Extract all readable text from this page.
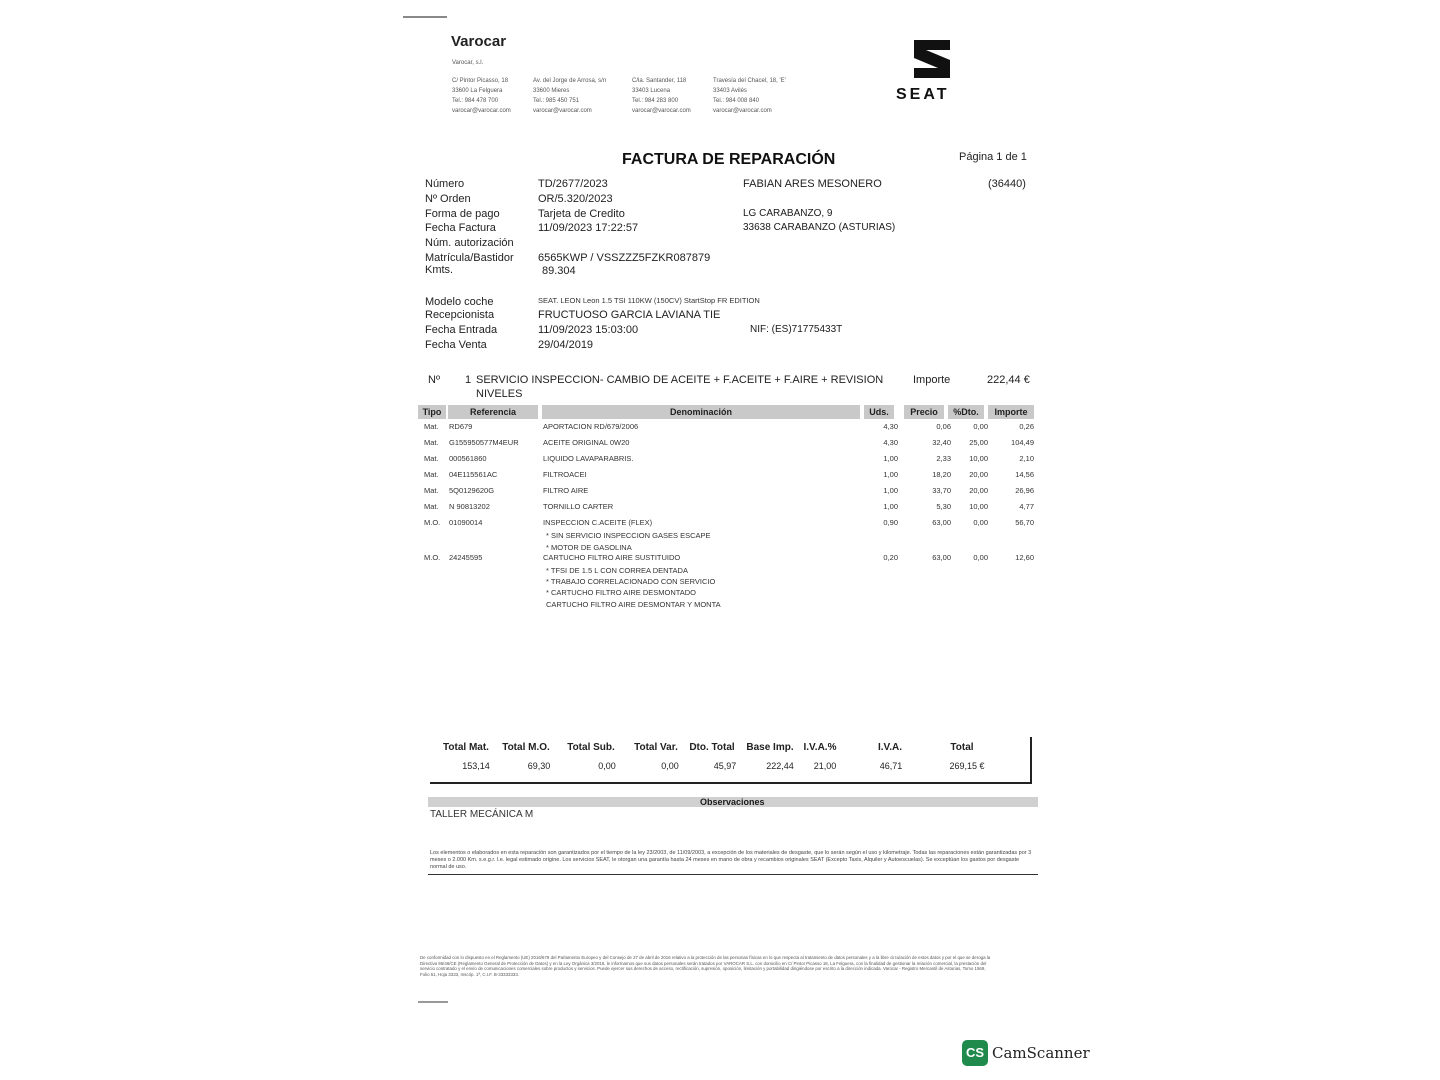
Varocar
Varocar, s.l.
C/ Pintor Picasso, 18
33600 La Felguera
Tel.: 984 478 700
varocar@varocar.com
Av. del Jorge de Arrosa, s/n
33600 Mieres
Tel.: 985 450 751
varocar@varocar.com
C/la. Santander, 118
33403 Lucena
Tel.: 984 283 800
varocar@varocar.com
Travesía del Chacel, 18, 'E'
33403 Avilés
Tel.: 984 008 840
varocar@varocar.com
SEAT
FACTURA DE REPARACIÓN	Página 1 de 1
Número	TD/2677/2023
Nº Orden	OR/5.320/2023
Forma de pago	Tarjeta de Credito
Fecha Factura	11/09/2023 17:22:57
Núm. autorización
Matrícula/Bastidor 6565KWP / VSSZZZ5FZKR087879
Kmts.	89.304
FABIAN ARES MESONERO	(36440)
LG CARABANZO, 9
33638 CARABANZO (ASTURIAS)
Modelo coche	SEAT. LEON Leon 1.5 TSI 110KW (150CV) StartStop FR EDITION
Recepcionista	FRUCTUOSO GARCIA LAVIANA TIE
Fecha Entrada	11/09/2023 15:03:00
Fecha Venta	29/04/2019
NIF: (ES)71775433T
Nº 1 SERVICIO INSPECCION- CAMBIO DE ACEITE + F.ACEITE + F.AIRE + REVISION
NIVELES
Importe	222,44 €
Tipo	Referencia	Denominación	Uds.	Precio	%Dto.	Importe
Mat. RD679	APORTACION RD/679/2006	4,30	0,06	0,00	0,26
Mat. G155950577M4EUR	ACEITE ORIGINAL 0W20	4,30	32,40	25,00	104,49
Mat. 000561860	LIQUIDO LAVAPARABRIS.	1,00	2,33	10,00	2,10
Mat. 04E115561AC	FILTROACEI	1,00	18,20	20,00	14,56
Mat. 5Q0129620G	FILTRO AIRE	1,00	33,70	20,00	26,96
Mat. N 90813202	TORNILLO CARTER	1,00	5,30	10,00	4,77
M.O. 01090014	INSPECCION C.ACEITE (FLEX)	0,90	63,00	0,00	56,70
* SIN SERVICIO INSPECCION GASES ESCAPE
* MOTOR DE GASOLINA
M.O. 24245595	CARTUCHO FILTRO AIRE SUSTITUIDO	0,20	63,00	0,00	12,60
* TFSI DE 1.5 L CON CORREA DENTADA
* TRABAJO CORRELACIONADO CON SERVICIO
* CARTUCHO FILTRO AIRE DESMONTADO
CARTUCHO FILTRO AIRE DESMONTAR Y MONTA
Total Mat.	Total M.O.	Total Sub.	Total Var.	Dto. Total	Base Imp. I.V.A.%	I.V.A.	Total
153,14	69,30	0,00	0,00	45,97	222,44	21,00	46,71	269,15 €
Observaciones
TALLER MECÁNICA M
Los elementos o elaborados en esta reparación son garantizados por el tiempo de la ley 23/2003, de 11/09/2003, a excepción de los materiales de desgaste, que lo serán según el uso y kilometraje. Todas las reparaciones están garantizadas por 3 meses o 2.000 Km. s.e.g.r. l.e. legal estimado origine. Los servicios SEAT, le otorgan una garantía hasta 24 meses en mano de obra y recambios originales SEAT (Excepto Taxis, Alquiler y Autoescuelas). Se exceptúan los gastos por desgaste normal de uso.
De conformidad con lo dispuesto en el Reglamento (UE) 2016/679 del Parlamento Europeo y del Consejo de 27 de abril de 2016 relativo a la protección de las personas físicas en lo que respecta al tratamiento de datos personales y a la libre circulación de estos datos y por el que se deroga la Directiva 95/46/CE (Reglamento General de Protección de Datos) y en la Ley Orgánica 3/2018, le informamos que sus datos personales serán tratados por VAROCAR S.L. con domicilio en C/ Pintor Picasso 18, La Felguera, con la finalidad de gestionar la relación comercial, la prestación del servicio contratado y el envío de comunicaciones comerciales sobre productos y servicios. Puede ejercer sus derechos de acceso, rectificación, supresión, oposición, limitación y portabilidad dirigiéndose por escrito a la dirección indicada. Varocar - Registro Mercantil de Asturias, Tomo 1569, Folio 51, Hoja 3333, Inscrip. 1ª, C.I.F. B-33333333.
CS CamScanner
